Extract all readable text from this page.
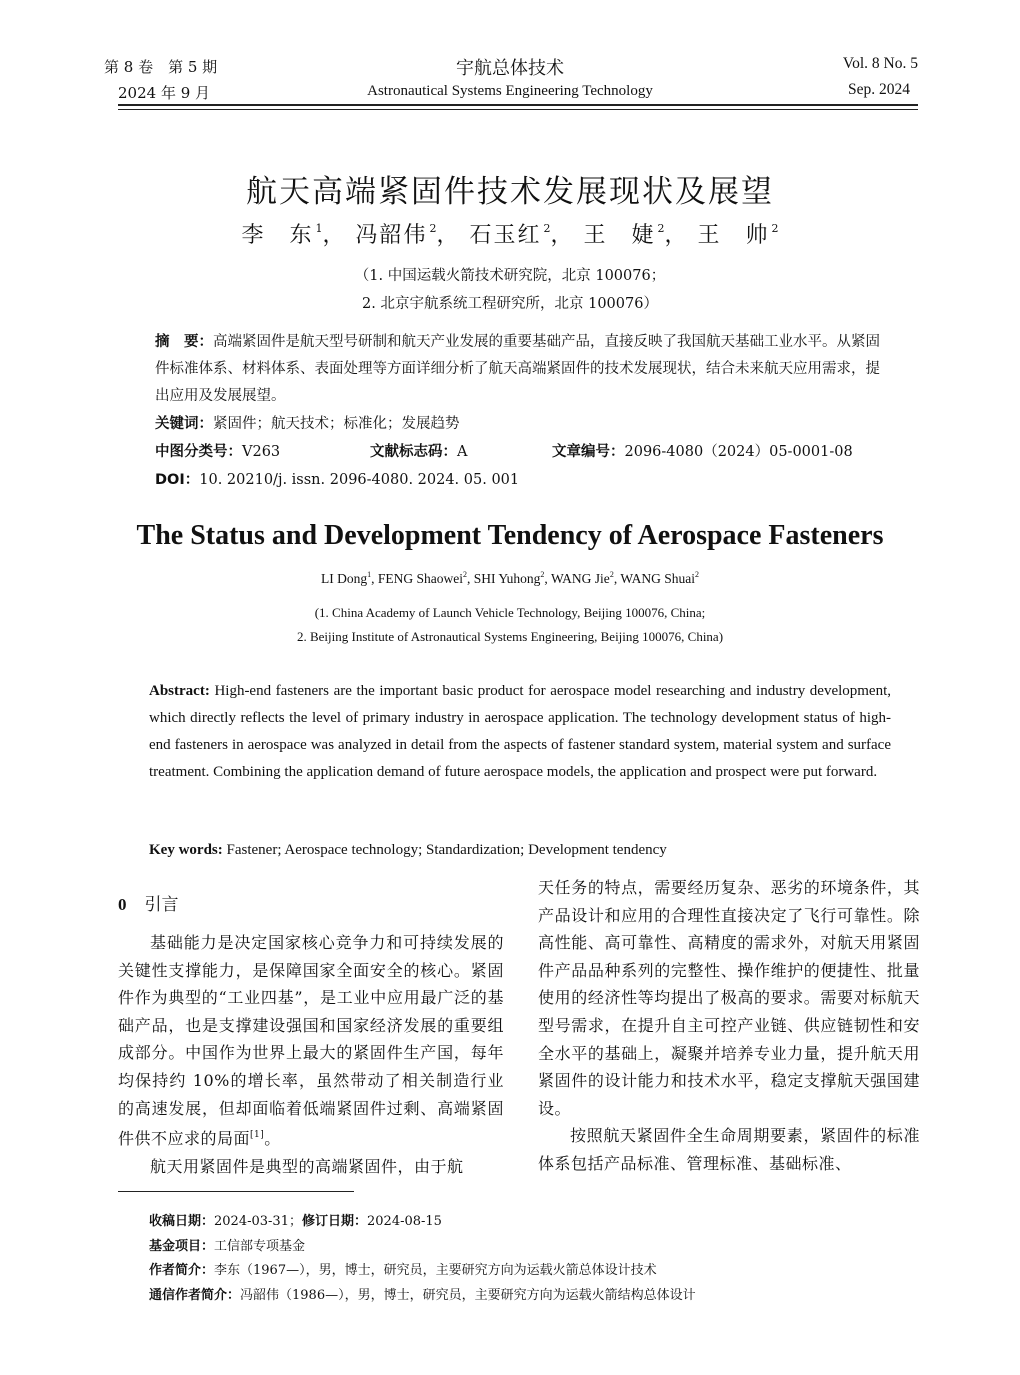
第 8 卷　第 5 期
2024 年 9 月
宇航总体技术
Astronautical Systems Engineering Technology
Vol. 8 No. 5
Sep. 2024
航天高端紧固件技术发展现状及展望
李　东 $^1$， 冯韶伟 $^2$， 石玉红 $^2$， 王　婕 $^2$， 王　帅 $^2$
（1. 中国运载火箭技术研究院，北京 100076；
2. 北京宇航系统工程研究所，北京 100076）
摘　要：高端紧固件是航天型号研制和航天产业发展的重要基础产品，直接反映了我国航天基础工业水平。从紧固件标准体系、材料体系、表面处理等方面详细分析了航天高端紧固件的技术发展现状，结合未来航天应用需求，提出应用及发展展望。
关键词：紧固件；航天技术；标准化；发展趋势
中图分类号：V263	文献标志码：A	文章编号：2096-4080（2024）05-0001-08
DOI：10. 20210/j. issn. 2096-4080. 2024. 05. 001
The Status and Development Tendency of Aerospace Fasteners
LI Dong$^1$, FENG Shaowei$^2$, SHI Yuhong$^2$, WANG Jie$^2$, WANG Shuai$^2$
(1. China Academy of Launch Vehicle Technology, Beijing 100076, China;
2. Beijing Institute of Astronautical Systems Engineering, Beijing 100076, China)
Abstract: High-end fasteners are the important basic product for aerospace model researching and industry development, which directly reflects the level of primary industry in aerospace application. The technology development status of high-end fasteners in aerospace was analyzed in detail from the aspects of fastener standard system, material system and surface treatment. Combining the application demand of future aerospace models, the application and prospect were put forward.
Key words: Fastener; Aerospace technology; Standardization; Development tendency
0 引言

基础能力是决定国家核心竞争力和可持续发展的关键性支撑能力，是保障国家全面安全的核心。紧固件作为典型的“工业四基”，是工业中应用最广泛的基础产品，也是支撑建设强国和国家经济发展的重要组成部分。中国作为世界上最大的紧固件生产国，每年均保持约 10%的增长率，虽然带动了相关制造行业的高速发展，但却面临着低端紧固件过剩、高端紧固件供不应求的局面[1]。

航天用紧固件是典型的高端紧固件，由于航

天任务的特点，需要经历复杂、恶劣的环境条件，其产品设计和应用的合理性直接决定了飞行可靠性。除高性能、高可靠性、高精度的需求外，对航天用紧固件产品品种系列的完整性、操作维护的便捷性、批量使用的经济性等均提出了极高的要求。需要对标航天型号需求，在提升自主可控产业链、供应链韧性和安全水平的基础上，凝聚并培养专业力量，提升航天用紧固件的设计能力和技术水平，稳定支撑航天强国建设。

按照航天紧固件全生命周期要素，紧固件的标准体系包括产品标准、管理标准、基础标准、

收稿日期：2024-03-31；修订日期：2024-08-15
基金项目：工信部专项基金
作者简介：李东（1967—），男，博士，研究员，主要研究方向为运载火箭总体设计技术
通信作者简介：冯韶伟（1986—），男，博士，研究员，主要研究方向为运载火箭结构总体设计
